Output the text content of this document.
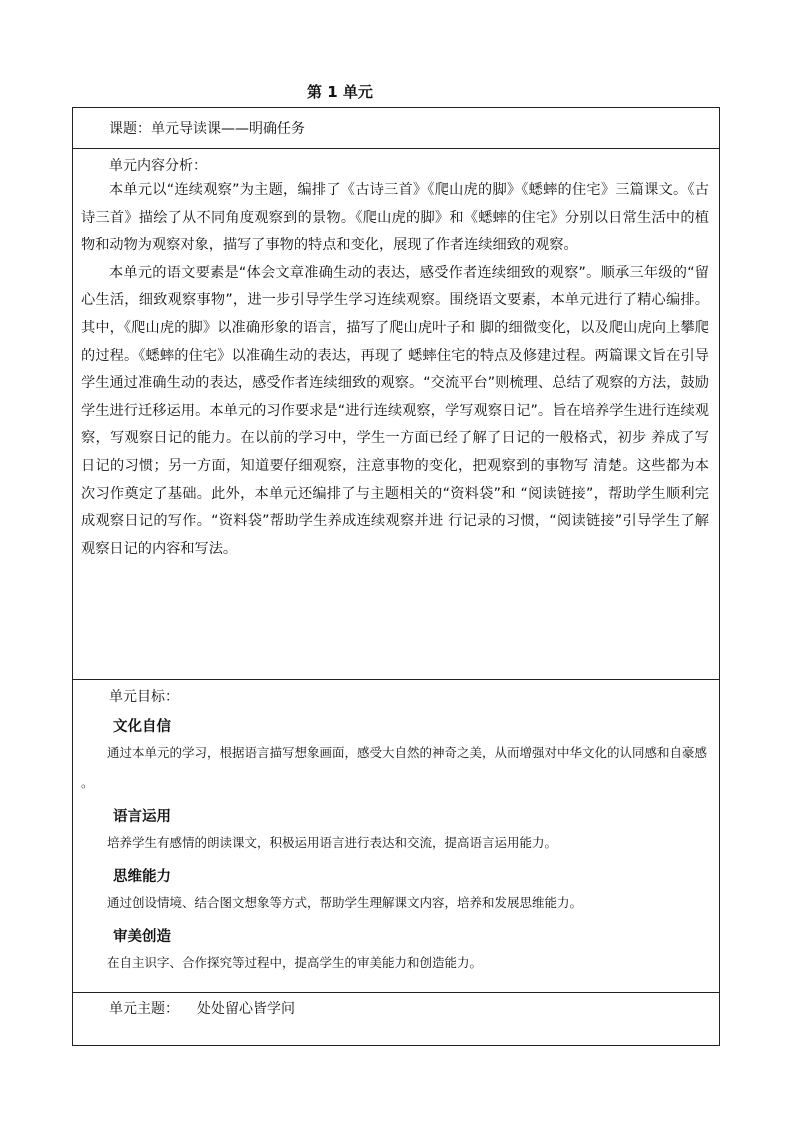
第 1 单元
课题：单元导读课——明确任务

单元内容分析：

本单元以“连续观察”为主题，编排了《古诗三首》《爬山虎的脚》《蟋蟀的住宅》三篇课文。《古诗三首》描绘了从不同角度观察到的景物。《爬山虎的脚》和《蟋蟀的住宅》分别以日常生活中的植物和动物为观察对象，描写了事物的特点和变化，展现了作者连续细致的观察。

本单元的语文要素是“体会文章准确生动的表达，感受作者连续细致的观察”。顺承三年级的“留心生活，细致观察事物”，进一步引导学生学习连续观察。围绕语文要素，本单元进行了精心编排。其中，《爬山虎的脚》以准确形象的语言，描写了爬山虎叶子和 脚的细微变化，以及爬山虎向上攀爬的过程。《蟋蟀的住宅》以准确生动的表达，再现了 蟋蟀住宅的特点及修建过程。两篇课文旨在引导学生通过准确生动的表达，感受作者连续细致的观察。“交流平台”则梳理、总结了观察的方法，鼓励学生进行迁移运用。本单元的习作要求是“进行连续观察，学写观察日记”。旨在培养学生进行连续观察，写观察日记的能力。在以前的学习中，学生一方面已经了解了日记的一般格式，初步 养成了写日记的习惯；另一方面，知道要仔细观察，注意事物的变化，把观察到的事物写 清楚。这些都为本次习作奠定了基础。此外，本单元还编排了与主题相关的“资料袋”和 “阅读链接”，帮助学生顺利完成观察日记的写作。“资料袋”帮助学生养成连续观察并进 行记录的习惯，“阅读链接”引导学生了解观察日记的内容和写法。

单元目标：
文化自信

通过本单元的学习，根据语言描写想象画面，感受大自然的神奇之美，从而增强对中华文化的认同感和自豪感 。

语言运用

培养学生有感情的朗读课文，积极运用语言进行表达和交流，提高语言运用能力。

思维能力

通过创设情境、结合图文想象等方式，帮助学生理解课文内容，培养和发展思维能力。

审美创造

在自主识字、合作探究等过程中，提高学生的审美能力和创造能力。

单元主题： 处处留心皆学问
